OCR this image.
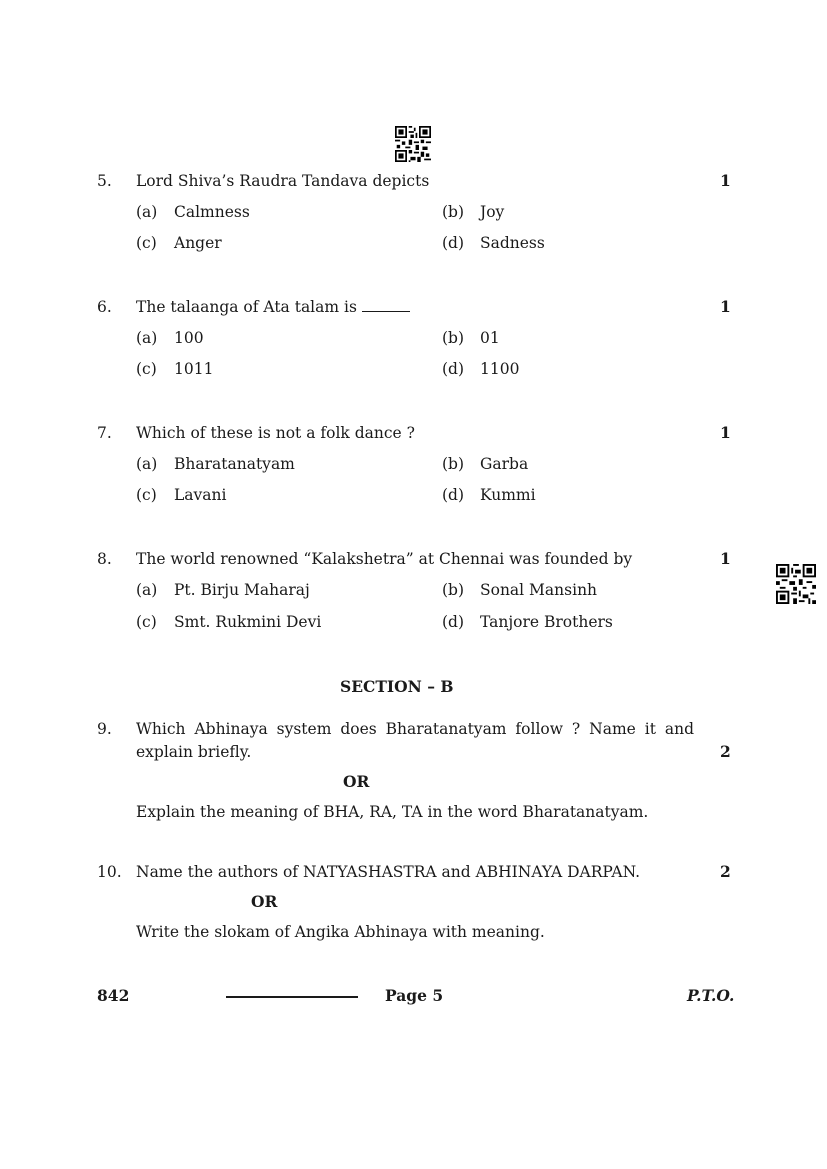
5. Lord Shiva’s Raudra Tandava depicts	1
(a) Calmness	(b) Joy
(c) Anger	(d) Sadness
6. The talaanga of Ata talam is	1
(a) 100	(b) 01
(c) 1011	(d) 1100
7. Which of these is not a folk dance ?	1
(a) Bharatanatyam	(b) Garba
(c) Lavani	(d) Kummi
8. The world renowned “Kalakshetra” at Chennai was founded by	1
(a) Pt. Birju Maharaj	(b) Sonal Mansinh
(c) Smt. Rukmini Devi	(d) Tanjore Brothers
SECTION – B
9. Which Abhinaya system does Bharatanatyam follow ? Name it and
explain briefly.	2
OR
Explain the meaning of BHA, RA, TA in the word Bharatanatyam.
10. Name the authors of NATYASHASTRA and ABHINAYA DARPAN.	2
OR
Write the slokam of Angika Abhinaya with meaning.
842	Page 5	P.T.O.
